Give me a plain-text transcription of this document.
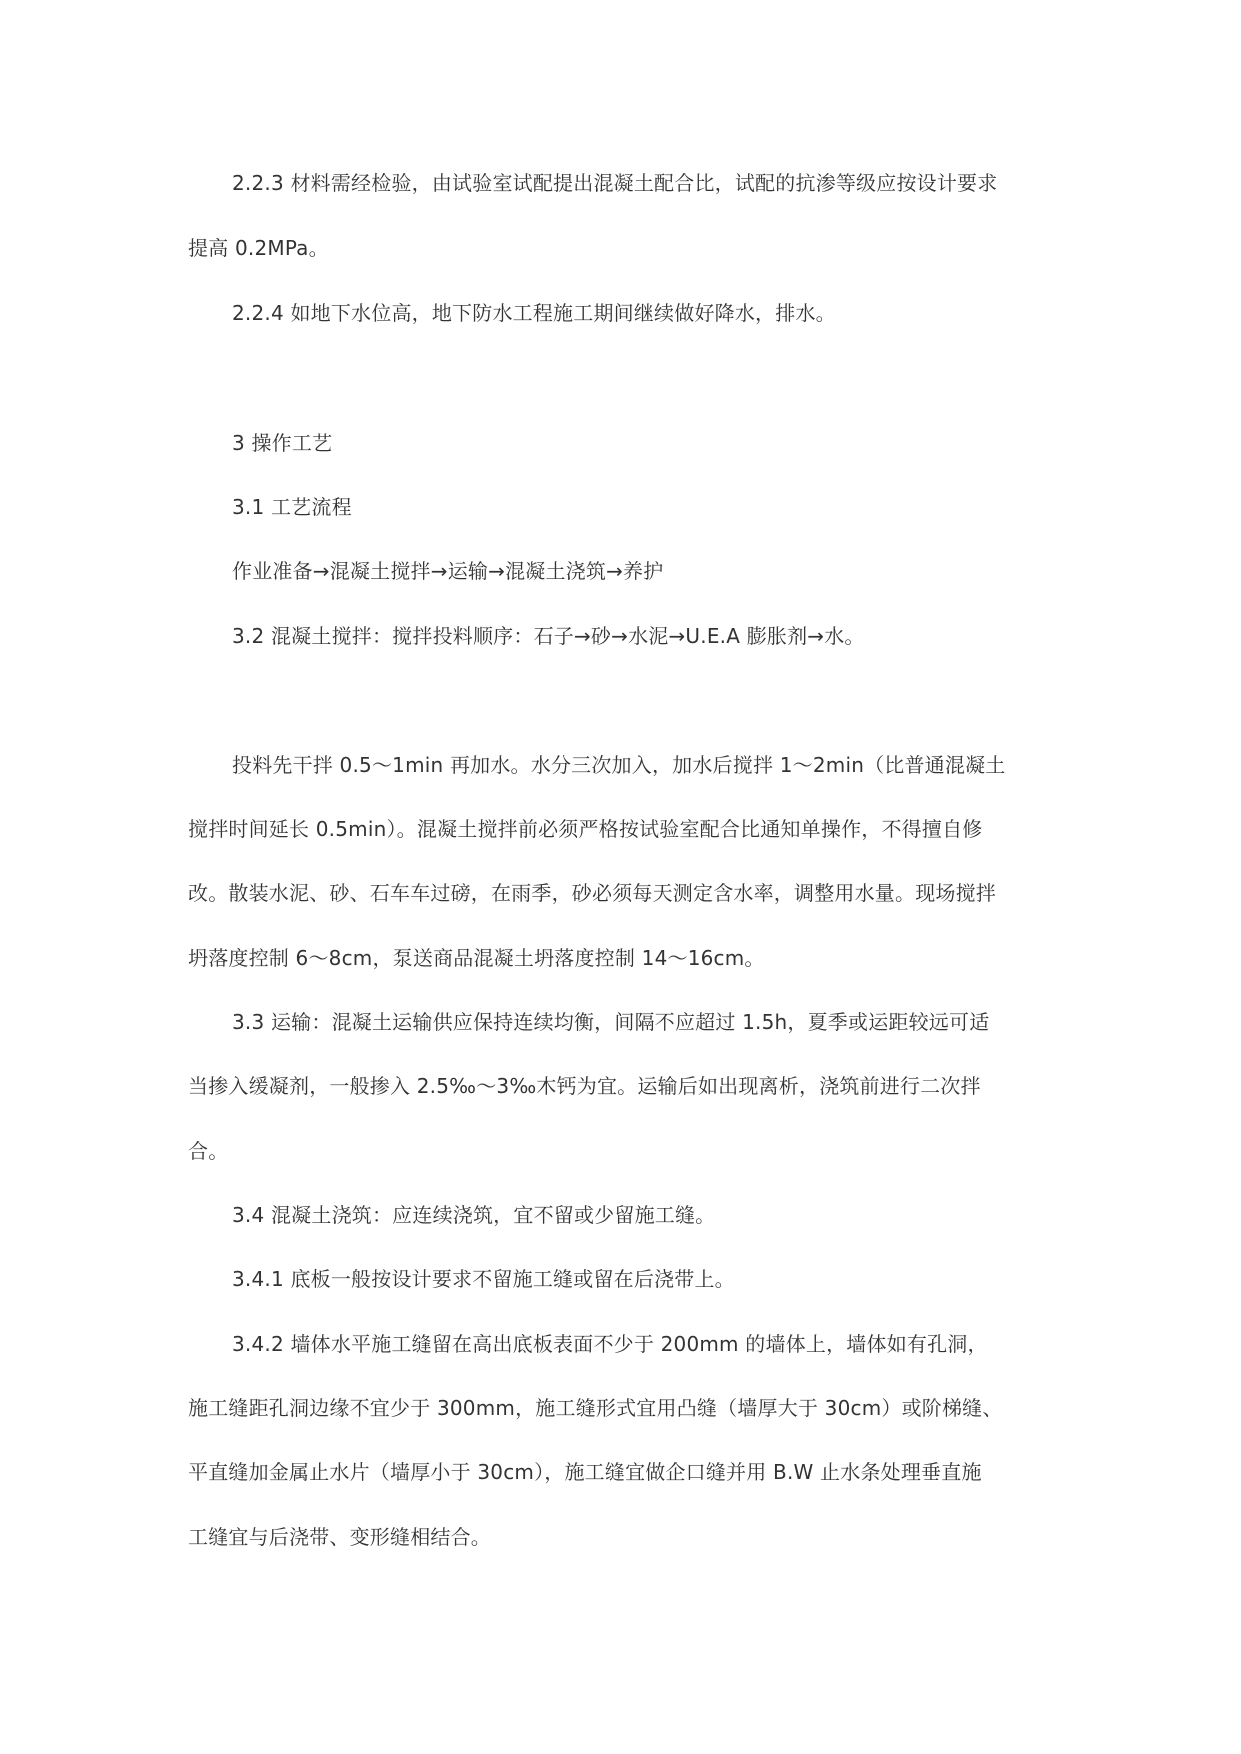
2.2.3 材料需经检验，由试验室试配提出混凝土配合比，试配的抗渗等级应按设计要求
提高 0.2MPa。
2.2.4 如地下水位高，地下防水工程施工期间继续做好降水，排水。
3 操作工艺
3.1 工艺流程
作业准备→混凝土搅拌→运输→混凝土浇筑→养护
3.2 混凝土搅拌：搅拌投料顺序：石子→砂→水泥→U.E.A 膨胀剂→水。
投料先干拌 0.5～1min 再加水。水分三次加入，加水后搅拌 1～2min（比普通混凝土
搅拌时间延长 0.5min）。混凝土搅拌前必须严格按试验室配合比通知单操作，不得擅自修
改。散装水泥、砂、石车车过磅，在雨季，砂必须每天测定含水率，调整用水量。现场搅拌
坍落度控制 6～8cm，泵送商品混凝土坍落度控制 14～16cm。
3.3 运输：混凝土运输供应保持连续均衡，间隔不应超过 1.5h，夏季或运距较远可适
当掺入缓凝剂，一般掺入 2.5‰～3‰木钙为宜。运输后如出现离析，浇筑前进行二次拌
合。
3.4 混凝土浇筑：应连续浇筑，宜不留或少留施工缝。
3.4.1 底板一般按设计要求不留施工缝或留在后浇带上。
3.4.2 墙体水平施工缝留在高出底板表面不少于 200mm 的墙体上，墙体如有孔洞，
施工缝距孔洞边缘不宜少于 300mm，施工缝形式宜用凸缝（墙厚大于 30cm）或阶梯缝、
平直缝加金属止水片（墙厚小于 30cm），施工缝宜做企口缝并用 B.W 止水条处理垂直施
工缝宜与后浇带、变形缝相结合。
